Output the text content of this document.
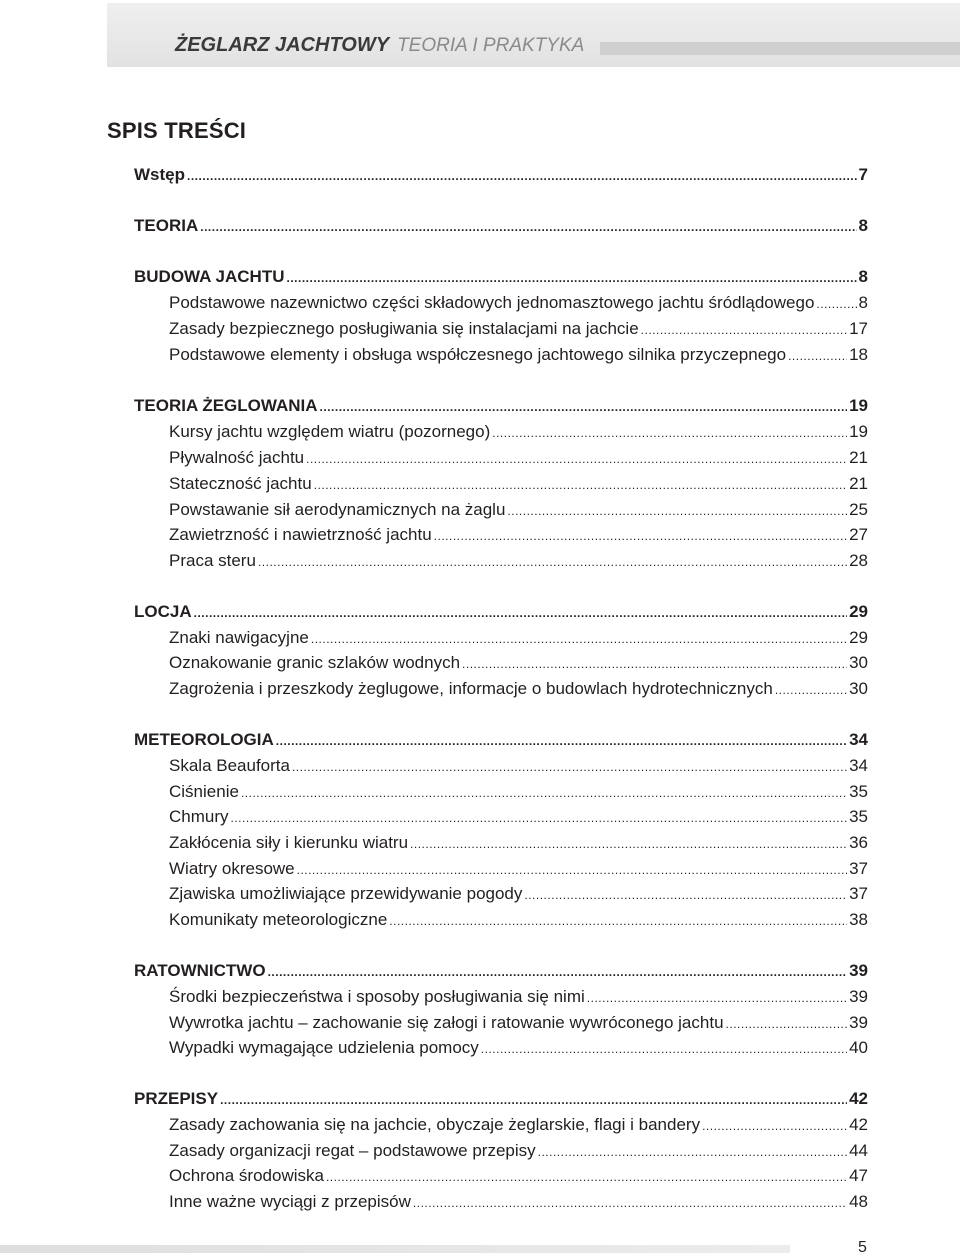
ŻEGLARZ JACHTOWY TEORIA I PRAKTYKA
SPIS TREŚCI
Wstęp .....	7
TEORIA .....	8
BUDOWA JACHTU .....	8
Podstawowe nazewnictwo części składowych jednomasztowego jachtu śródlądowego .....	8
Zasady bezpiecznego posługiwania się instalacjami na jachcie .....	17
Podstawowe elementy i obsługa współczesnego jachtowego silnika przyczepnego .....	18
TEORIA ŻEGLOWANIA .....	19
Kursy jachtu względem wiatru (pozornego) .....	19
Pływalność jachtu .....	21
Stateczność jachtu .....	21
Powstawanie sił aerodynamicznych na żaglu .....	25
Zawietrzność i nawietrzność jachtu .....	27
Praca steru .....	28
LOCJA .....	29
Znaki nawigacyjne .....	29
Oznakowanie granic szlaków wodnych .....	30
Zagrożenia i przeszkody żeglugowe, informacje o budowlach hydrotechnicznych .....	30
METEOROLOGIA .....	34
Skala Beauforta .....	34
Ciśnienie .....	35
Chmury .....	35
Zakłócenia siły i kierunku wiatru .....	36
Wiatry okresowe .....	37
Zjawiska umożliwiające przewidywanie pogody .....	37
Komunikaty meteorologiczne .....	38
RATOWNICTWO .....	39
Środki bezpieczeństwa i sposoby posługiwania się nimi .....	39
Wywrotka jachtu – zachowanie się załogi i ratowanie wywróconego jachtu .....	39
Wypadki wymagające udzielenia pomocy .....	40
PRZEPISY .....	42
Zasady zachowania się na jachcie, obyczaje żeglarskie, flagi i bandery .....	42
Zasady organizacji regat – podstawowe przepisy .....	44
Ochrona środowiska .....	47
Inne ważne wyciągi z przepisów .....	48
5
